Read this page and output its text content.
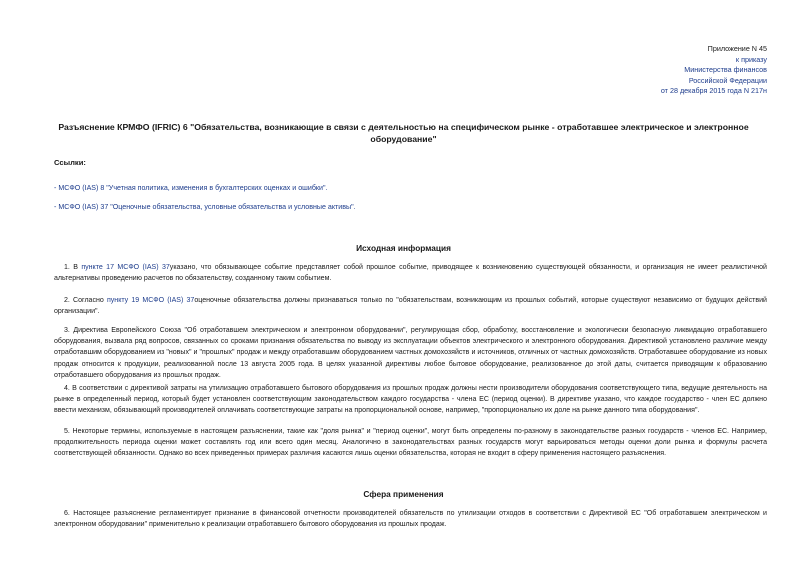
Приложение N 45
к приказу
Министерства финансов
Российской Федерации
от 28 декабря 2015 года N 217н
Разъяснение КРМФО (IFRIC) 6 "Обязательства, возникающие в связи с деятельностью на специфическом рынке - отработавшее электрическое и электронное оборудование"
Ссылки:
- МСФО (IAS) 8 "Учетная политика, изменения в бухгалтерских оценках и ошибки".
- МСФО (IAS) 37 "Оценочные обязательства, условные обязательства и условные активы".
Исходная информация

1. В пункте 17 МСФО (IAS) 37указано, что обязывающее событие представляет собой прошлое событие, приводящее к возникновению существующей обязанности, и организация не имеет реалистичной альтернативы проведению расчетов по обязательству, созданному таким событием.

2. Согласно пункту 19 МСФО (IAS) 37оценочные обязательства должны признаваться только по "обязательствам, возникающим из прошлых событий, которые существуют независимо от будущих действий организации".

3. Директива Европейского Союза "Об отработавшем электрическом и электронном оборудовании", регулирующая сбор, обработку, восстановление и экологически безопасную ликвидацию отработавшего оборудования, вызвала ряд вопросов, связанных со сроками признания обязательства по выводу из эксплуатации объектов электрического и электронного оборудования. Директивой установлено различие между отработавшим оборудованием из "новых" и "прошлых" продаж и между отработавшим оборудованием частных домохозяйств и источников, отличных от частных домохозяйств. Отработавшее оборудование из новых продаж относится к продукции, реализованной после 13 августа 2005 года. В целях указанной директивы любое бытовое оборудование, реализованное до этой даты, считается приводящим к образованию отработавшего оборудования из прошлых продаж.

4. В соответствии с директивой затраты на утилизацию отработавшего бытового оборудования из прошлых продаж должны нести производители оборудования соответствующего типа, ведущие деятельность на рынке в определенный период, который будет установлен соответствующим законодательством каждого государства - члена ЕС (период оценки). В директиве указано, что каждое государство - член ЕС должно ввести механизм, обязывающий производителей оплачивать соответствующие затраты на пропорциональной основе, например, "пропорционально их доле на рынке данного типа оборудования".

5. Некоторые термины, используемые в настоящем разъяснении, такие как "доля рынка" и "период оценки", могут быть определены по-разному в законодательстве разных государств - членов ЕС. Например, продолжительность периода оценки может составлять год или всего один месяц. Аналогично в законодательствах разных государств могут варьироваться методы оценки доли рынка и формулы расчета соответствующей обязанности. Однако во всех приведенных примерах различия касаются лишь оценки обязательства, которая не входит в сферу применения настоящего разъяснения.

Сфера применения

6. Настоящее разъяснение регламентирует признание в финансовой отчетности производителей обязательств по утилизации отходов в соответствии с Директивой ЕС "Об отработавшем электрическом и электронном оборудовании" применительно к реализации отработавшего бытового оборудования из прошлых продаж.
